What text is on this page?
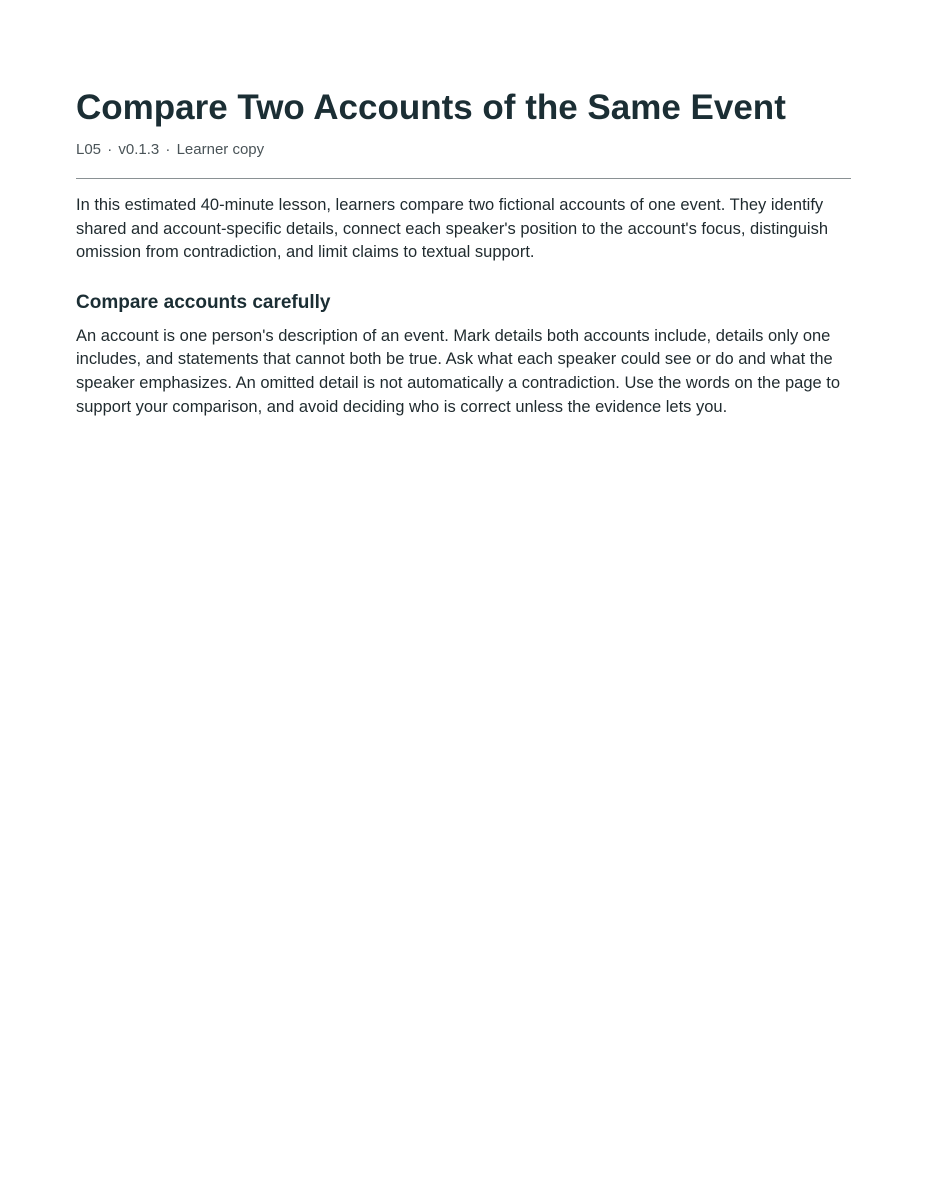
Compare Two Accounts of the Same Event
L05 · v0.1.3 · Learner copy

In this estimated 40-minute lesson, learners compare two fictional accounts of one event. They identify shared and account-specific details, connect each speaker's position to the account's focus, distinguish omission from contradiction, and limit claims to textual support.

Compare accounts carefully

An account is one person's description of an event. Mark details both accounts include, details only one includes, and statements that cannot both be true. Ask what each speaker could see or do and what the speaker emphasizes. An omitted detail is not automatically a contradiction. Use the words on the page to support your comparison, and avoid deciding who is correct unless the evidence lets you.
